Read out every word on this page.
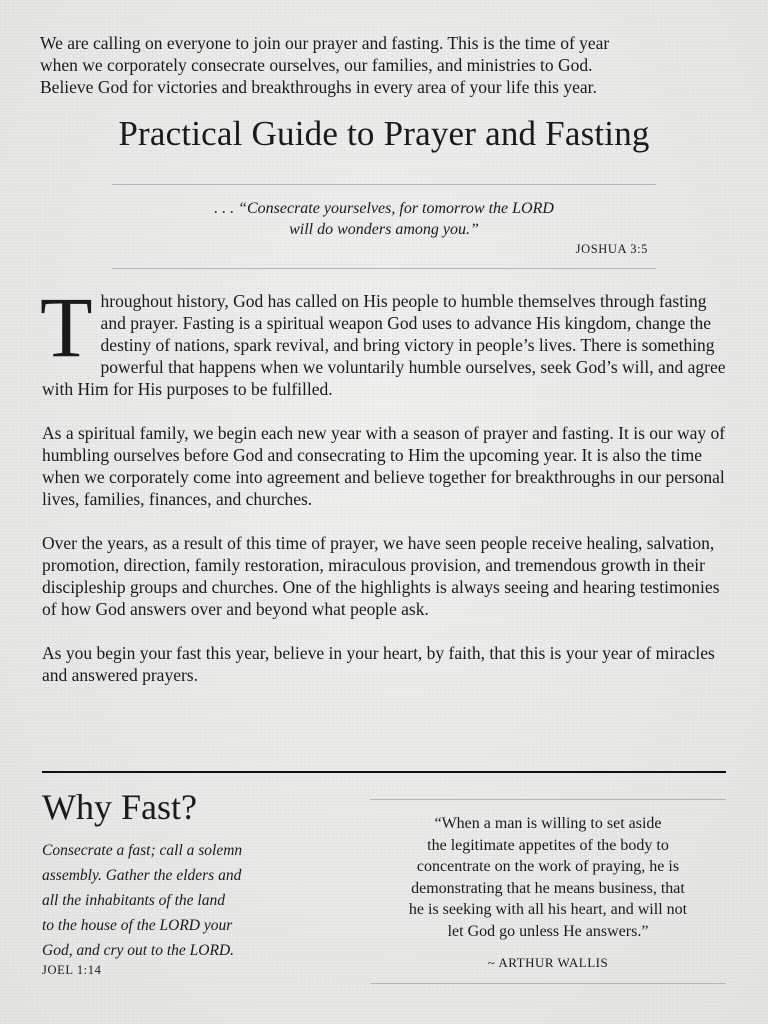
We are calling on everyone to join our prayer and fasting. This is the time of year
when we corporately consecrate ourselves, our families, and ministries to God.
Believe God for victories and breakthroughs in every area of your life this year.

Practical Guide to Prayer and Fasting
. . . “Consecrate yourselves, for tomorrow the LORD
will do wonders among you.”
JOSHUA 3:5

Throughout history, God has called on His people to humble themselves through fasting and prayer. Fasting is a spiritual weapon God uses to advance His kingdom, change the destiny of nations, spark revival, and bring victory in people’s lives. There is something powerful that happens when we voluntarily humble ourselves, seek God’s will, and agree with Him for His purposes to be fulfilled.

As a spiritual family, we begin each new year with a season of prayer and fasting. It is our way of humbling ourselves before God and consecrating to Him the upcoming year. It is also the time when we corporately come into agreement and believe together for breakthroughs in our personal lives, families, finances, and churches.

Over the years, as a result of this time of prayer, we have seen people receive healing, salvation, promotion, direction, family restoration, miraculous provision, and tremendous growth in their discipleship groups and churches. One of the highlights is always seeing and hearing testimonies of how God answers over and beyond what people ask.

As you begin your fast this year, believe in your heart, by faith, that this is your year of miracles and answered prayers.

Why Fast?
Consecrate a fast; call a solemn
assembly. Gather the elders and
all the inhabitants of the land
to the house of the LORD your
God, and cry out to the LORD.
JOEL 1:14
“When a man is willing to set aside
the legitimate appetites of the body to
concentrate on the work of praying, he is
demonstrating that he means business, that
he is seeking with all his heart, and will not
let God go unless He answers.”
~ ARTHUR WALLIS
